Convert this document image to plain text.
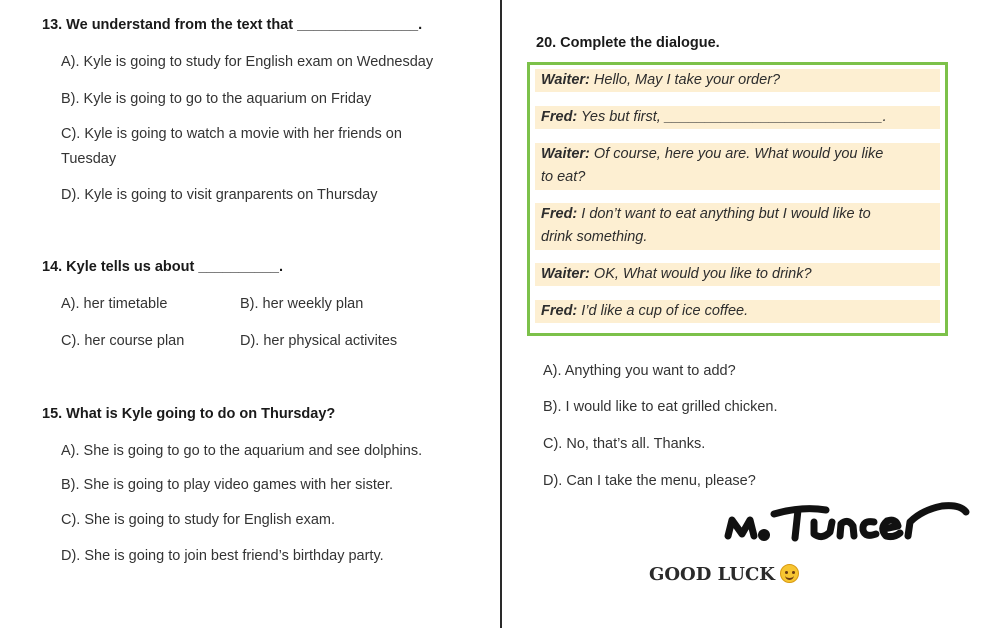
13. We understand from the text that _______________.
A). Kyle is going to study for English exam on Wednesday
B). Kyle is going to go to the aquarium on Friday
C). Kyle is going to watch a movie with her friends on
Tuesday
D). Kyle is going to visit granparents on Thursday
14. Kyle tells us about __________.
A). her timetable	B). her weekly plan
C). her course plan	D). her physical activites
15. What is Kyle going to do on Thursday?
A). She is going to go to the aquarium and see dolphins.
B). She is going to play video games with her sister.
C). She is going to study for English exam.
D). She is going to join best friend’s birthday party.
20. Complete the dialogue.
Waiter: Hello, May I take your order?
Fred: Yes but first, ___________________________.
Waiter: Of course, here you are. What would you like
to eat?
Fred: I don’t want to eat anything but I would like to
drink something.
Waiter: OK, What would you like to drink?
Fred: I’d like a cup of ice coffee.
A). Anything you want to add?
B). I would like to eat grilled chicken.
C). No, that’s all. Thanks.
D). Can I take the menu, please?
GOOD LUCK
